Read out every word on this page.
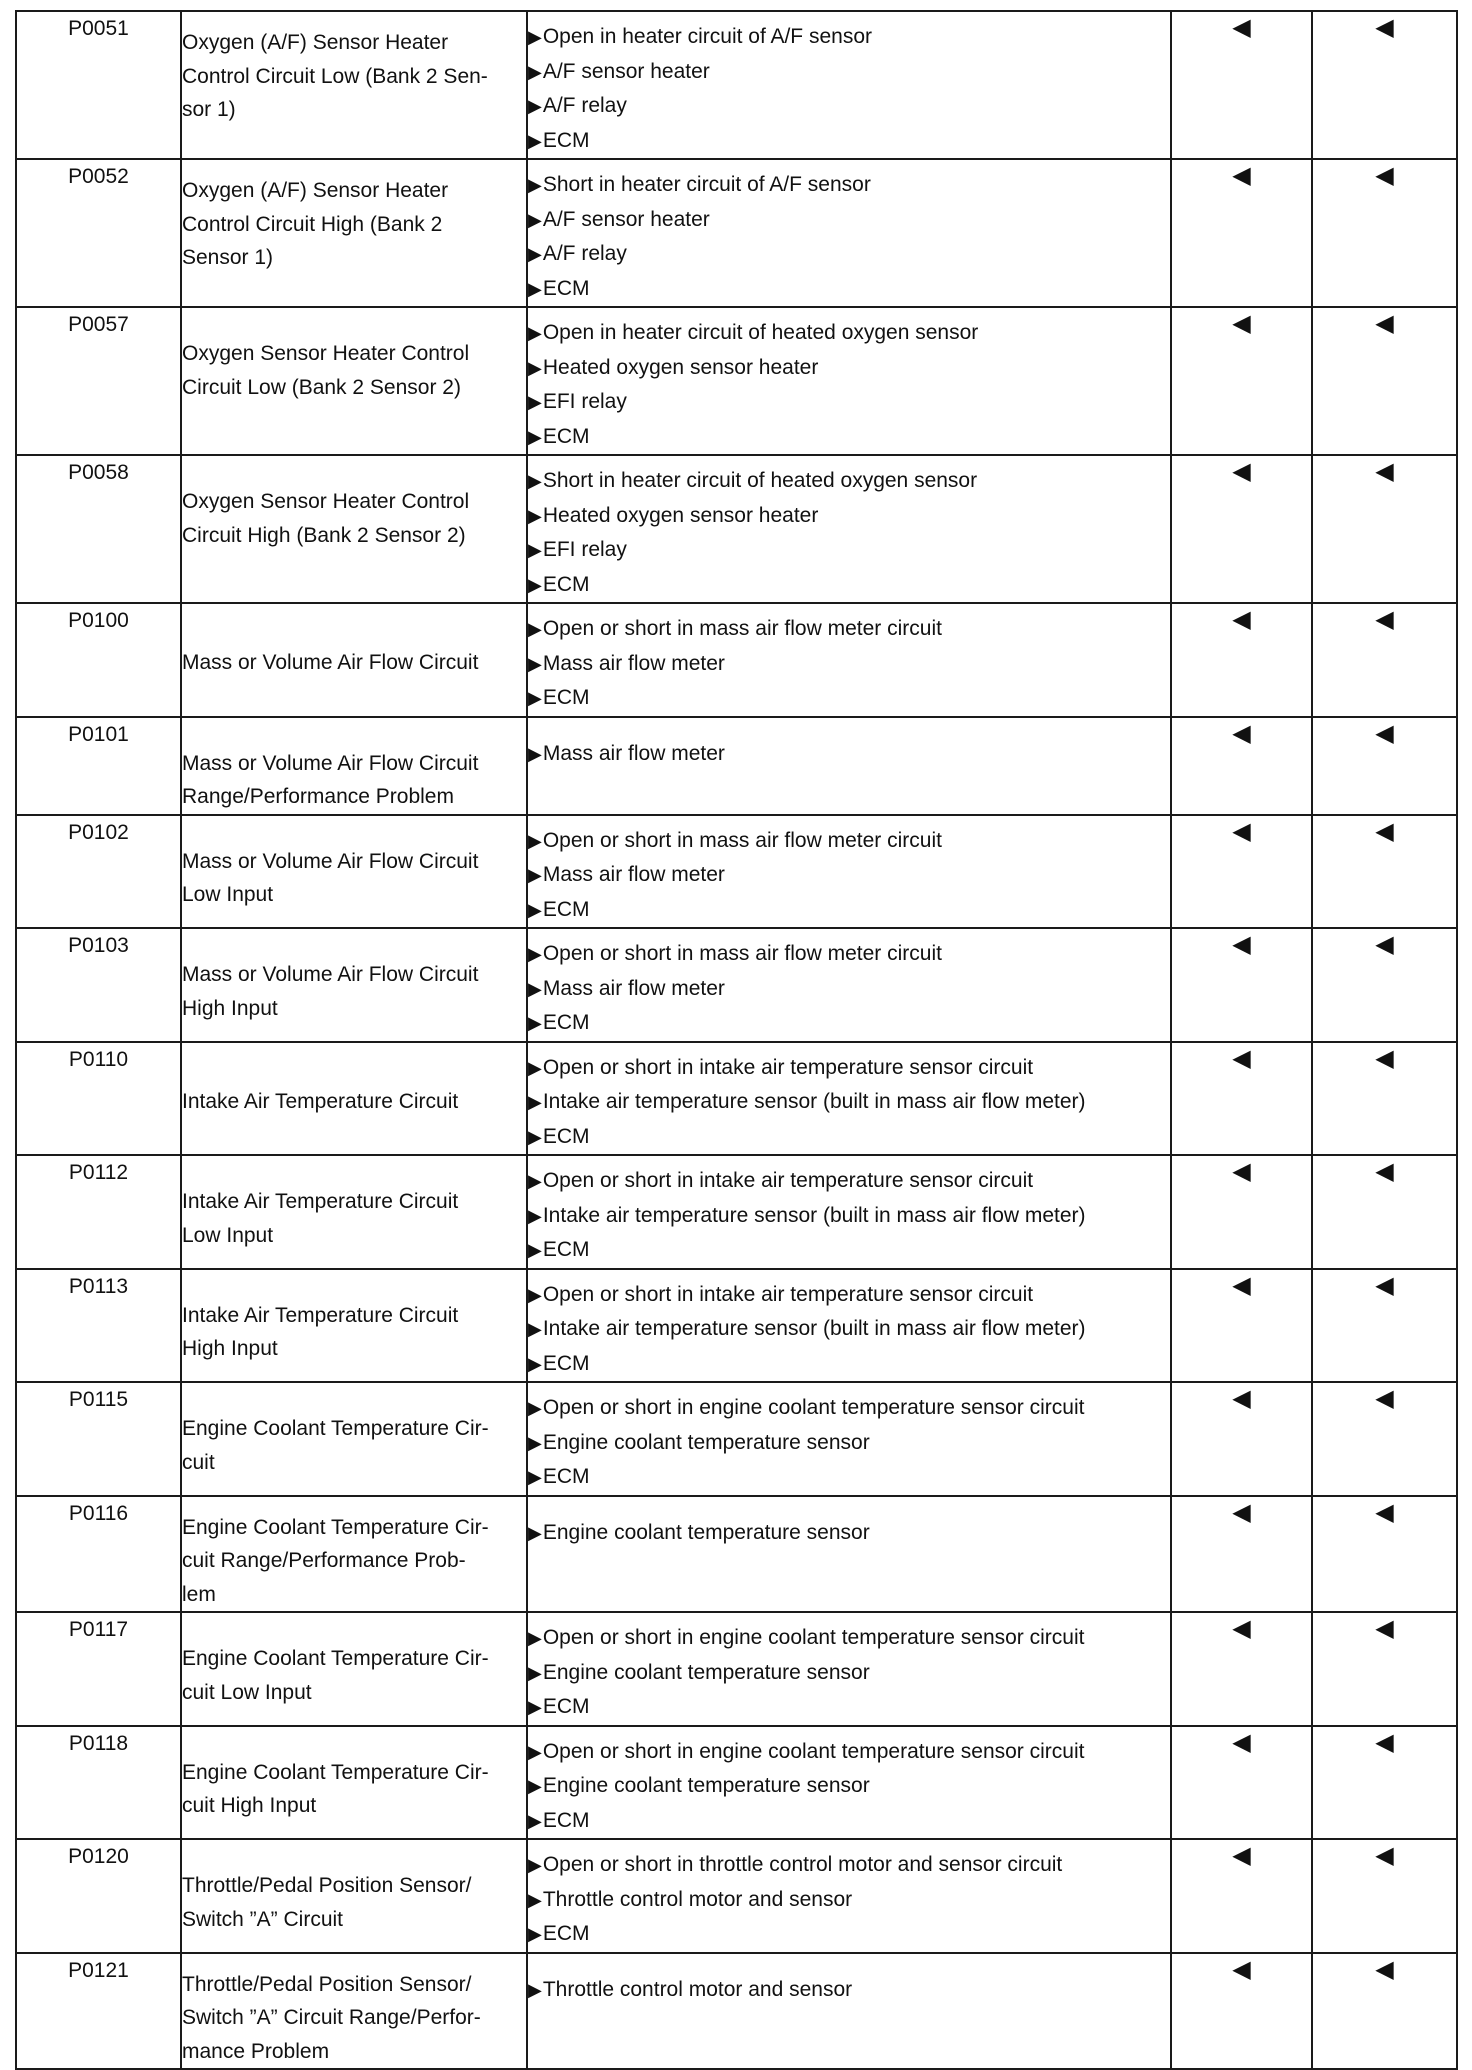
P0051	Oxygen (A/F) Sensor Heater
Control Circuit Low (Bank 2 Sen-
sor 1)	▶Open in heater circuit of A/F sensor
▶A/F sensor heater
▶A/F relay
▶ECM	◀	◀
P0052	Oxygen (A/F) Sensor Heater
Control Circuit High (Bank 2
Sensor 1)	▶Short in heater circuit of A/F sensor
▶A/F sensor heater
▶A/F relay
▶ECM	◀	◀
P0057	Oxygen Sensor Heater Control
Circuit Low (Bank 2 Sensor 2)	▶Open in heater circuit of heated oxygen sensor
▶Heated oxygen sensor heater
▶EFI relay
▶ECM	◀	◀
P0058	Oxygen Sensor Heater Control
Circuit High (Bank 2 Sensor 2)	▶Short in heater circuit of heated oxygen sensor
▶Heated oxygen sensor heater
▶EFI relay
▶ECM	◀	◀
P0100	Mass or Volume Air Flow Circuit	▶Open or short in mass air flow meter circuit
▶Mass air flow meter
▶ECM	◀	◀
P0101	Mass or Volume Air Flow Circuit
Range/Performance Problem	▶Mass air flow meter	◀	◀
P0102	Mass or Volume Air Flow Circuit
Low Input	▶Open or short in mass air flow meter circuit
▶Mass air flow meter
▶ECM	◀	◀
P0103	Mass or Volume Air Flow Circuit
High Input	▶Open or short in mass air flow meter circuit
▶Mass air flow meter
▶ECM	◀	◀
P0110	Intake Air Temperature Circuit	▶Open or short in intake air temperature sensor circuit
▶Intake air temperature sensor (built in mass air flow meter)
▶ECM	◀	◀
P0112	Intake Air Temperature Circuit
Low Input	▶Open or short in intake air temperature sensor circuit
▶Intake air temperature sensor (built in mass air flow meter)
▶ECM	◀	◀
P0113	Intake Air Temperature Circuit
High Input	▶Open or short in intake air temperature sensor circuit
▶Intake air temperature sensor (built in mass air flow meter)
▶ECM	◀	◀
P0115	Engine Coolant Temperature Cir-
cuit	▶Open or short in engine coolant temperature sensor circuit
▶Engine coolant temperature sensor
▶ECM	◀	◀
P0116	Engine Coolant Temperature Cir-
cuit Range/Performance Prob-
lem	▶Engine coolant temperature sensor	◀	◀
P0117	Engine Coolant Temperature Cir-
cuit Low Input	▶Open or short in engine coolant temperature sensor circuit
▶Engine coolant temperature sensor
▶ECM	◀	◀
P0118	Engine Coolant Temperature Cir-
cuit High Input	▶Open or short in engine coolant temperature sensor circuit
▶Engine coolant temperature sensor
▶ECM	◀	◀
P0120	Throttle/Pedal Position Sensor/
Switch ”A” Circuit	▶Open or short in throttle control motor and sensor circuit
▶Throttle control motor and sensor
▶ECM	◀	◀
P0121	Throttle/Pedal Position Sensor/
Switch ”A” Circuit Range/Perfor-
mance Problem	▶Throttle control motor and sensor	◀	◀
